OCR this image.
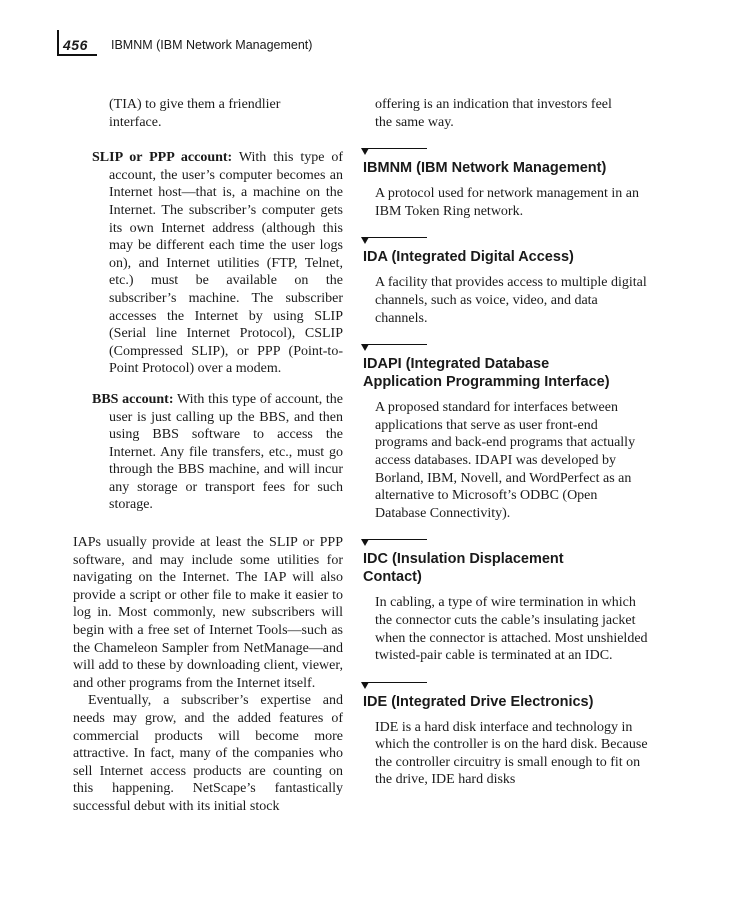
456 IBMNM (IBM Network Management)
(TIA) to give them a friendlier
interface.

SLIP or PPP account: With this type of account, the user’s computer becomes an Internet host—that is, a machine on the Internet. The subscriber’s computer gets its own Internet address (although this may be different each time the user logs on), and Internet utilities (FTP, Telnet, etc.) must be available on the subscriber’s machine. The subscriber accesses the Internet by using SLIP (Serial line Internet Protocol), CSLIP (Compressed SLIP), or PPP (Point-to-Point Protocol) over a modem.

BBS account: With this type of account, the user is just calling up the BBS, and then using BBS software to access the Internet. Any file transfers, etc., must go through the BBS machine, and will incur any storage or transport fees for such storage.

IAPs usually provide at least the SLIP or PPP software, and may include some utilities for navigating on the Internet. The IAP will also provide a script or other file to make it easier to log in. Most commonly, new subscribers will begin with a free set of Internet Tools—such as the Chameleon Sampler from NetManage—and will add to these by downloading client, viewer, and other programs from the Internet itself.

Eventually, a subscriber’s expertise and needs may grow, and the added features of commercial products will become more attractive. In fact, many of the companies who sell Internet access products are counting on this happening. NetScape’s fantastically successful debut with its initial stock

offering is an indication that investors feel
the same way.

IBMNM (IBM Network Management)

A protocol used for network management in an IBM Token Ring network.

IDA (Integrated Digital Access)

A facility that provides access to multiple digital channels, such as voice, video, and data channels.

IDAPI (Integrated Database
Application Programming Interface)

A proposed standard for interfaces between applications that serve as user front-end programs and back-end programs that actually access databases. IDAPI was developed by Borland, IBM, Novell, and WordPerfect as an alternative to Microsoft’s ODBC (Open Database Connectivity).

IDC (Insulation Displacement
Contact)

In cabling, a type of wire termination in which the connector cuts the cable’s insulating jacket when the connector is attached. Most unshielded twisted-pair cable is terminated at an IDC.

IDE (Integrated Drive Electronics)

IDE is a hard disk interface and technology in which the controller is on the hard disk. Because the controller circuitry is small enough to fit on the drive, IDE hard disks
